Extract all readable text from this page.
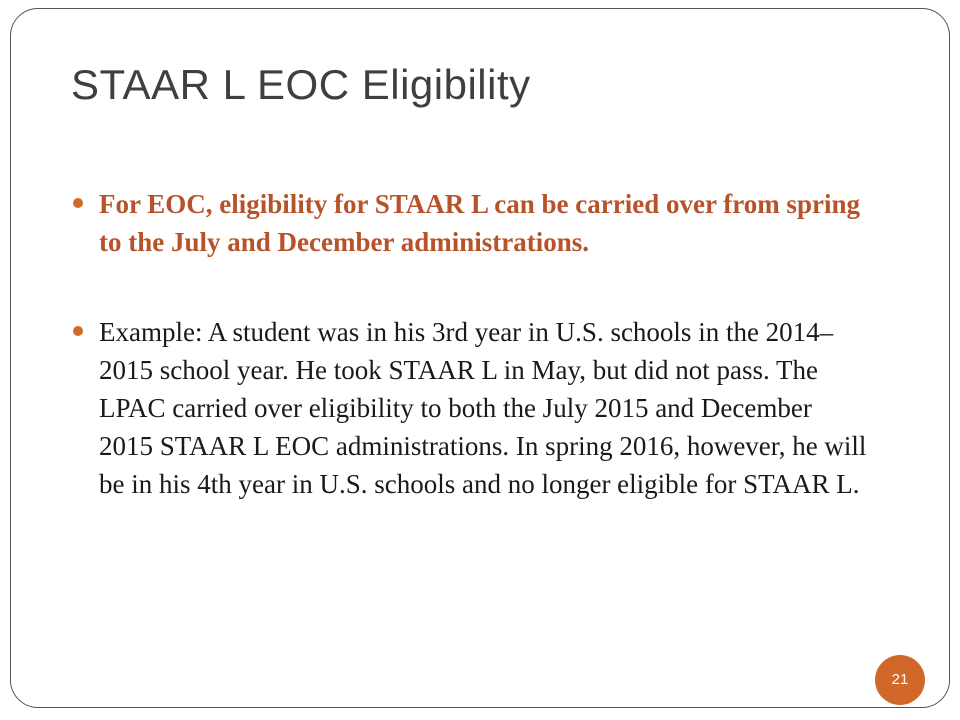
STAAR L EOC Eligibility
For EOC, eligibility for STAAR L can be carried over from spring to the July and December administrations.
Example: A student was in his 3rd year in U.S. schools in the 2014–2015 school year. He took STAAR L in May, but did not pass. The LPAC carried over eligibility to both the July 2015 and December 2015 STAAR L EOC administrations. In spring 2016, however, he will be in his 4th year in U.S. schools and no longer eligible for STAAR L.
21
